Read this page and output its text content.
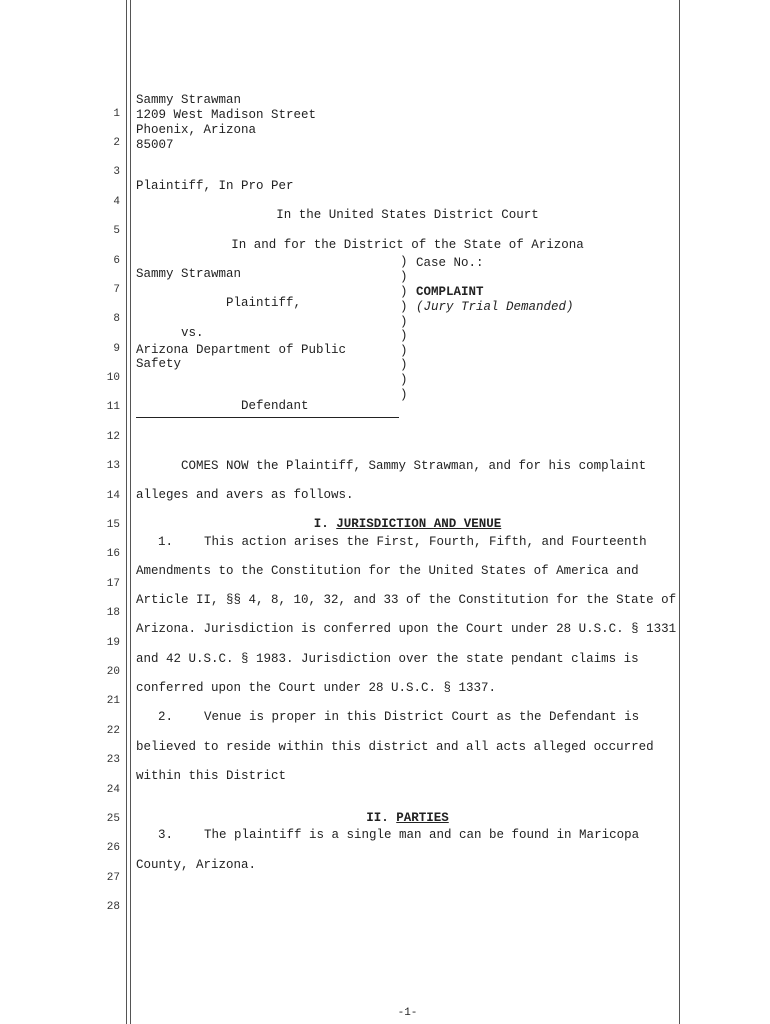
1
2
3
4
5
6
7
8
9
10
11
12
13
14
15
16
17
18
19
20
21
22
23
24
25
26
27
28
Sammy Strawman
1209 West Madison Street
Phoenix, Arizona
85007
Plaintiff, In Pro Per
In the United States District Court
In and for the District of the State of Arizona
Sammy Strawman
Plaintiff,
vs.
Arizona Department of Public
Safety
Defendant
)
)
)
)
)
)
)
)
)
)
Case No.:
COMPLAINT
(Jury Trial Demanded)
COMES NOW the Plaintiff, Sammy Strawman, and for his complaint
alleges and avers as follows.
I. JURISDICTION AND VENUE
1. This action arises the First, Fourth, Fifth, and Fourteenth
Amendments to the Constitution for the United States of America and
Article II, §§ 4, 8, 10, 32, and 33 of the Constitution for the State of
Arizona. Jurisdiction is conferred upon the Court under 28 U.S.C. § 1331
and 42 U.S.C. § 1983. Jurisdiction over the state pendant claims is
conferred upon the Court under 28 U.S.C. § 1337.
2. Venue is proper in this District Court as the Defendant is
believed to reside within this district and all acts alleged occurred
within this District
II. PARTIES
3. The plaintiff is a single man and can be found in Maricopa
County, Arizona.
-1-
